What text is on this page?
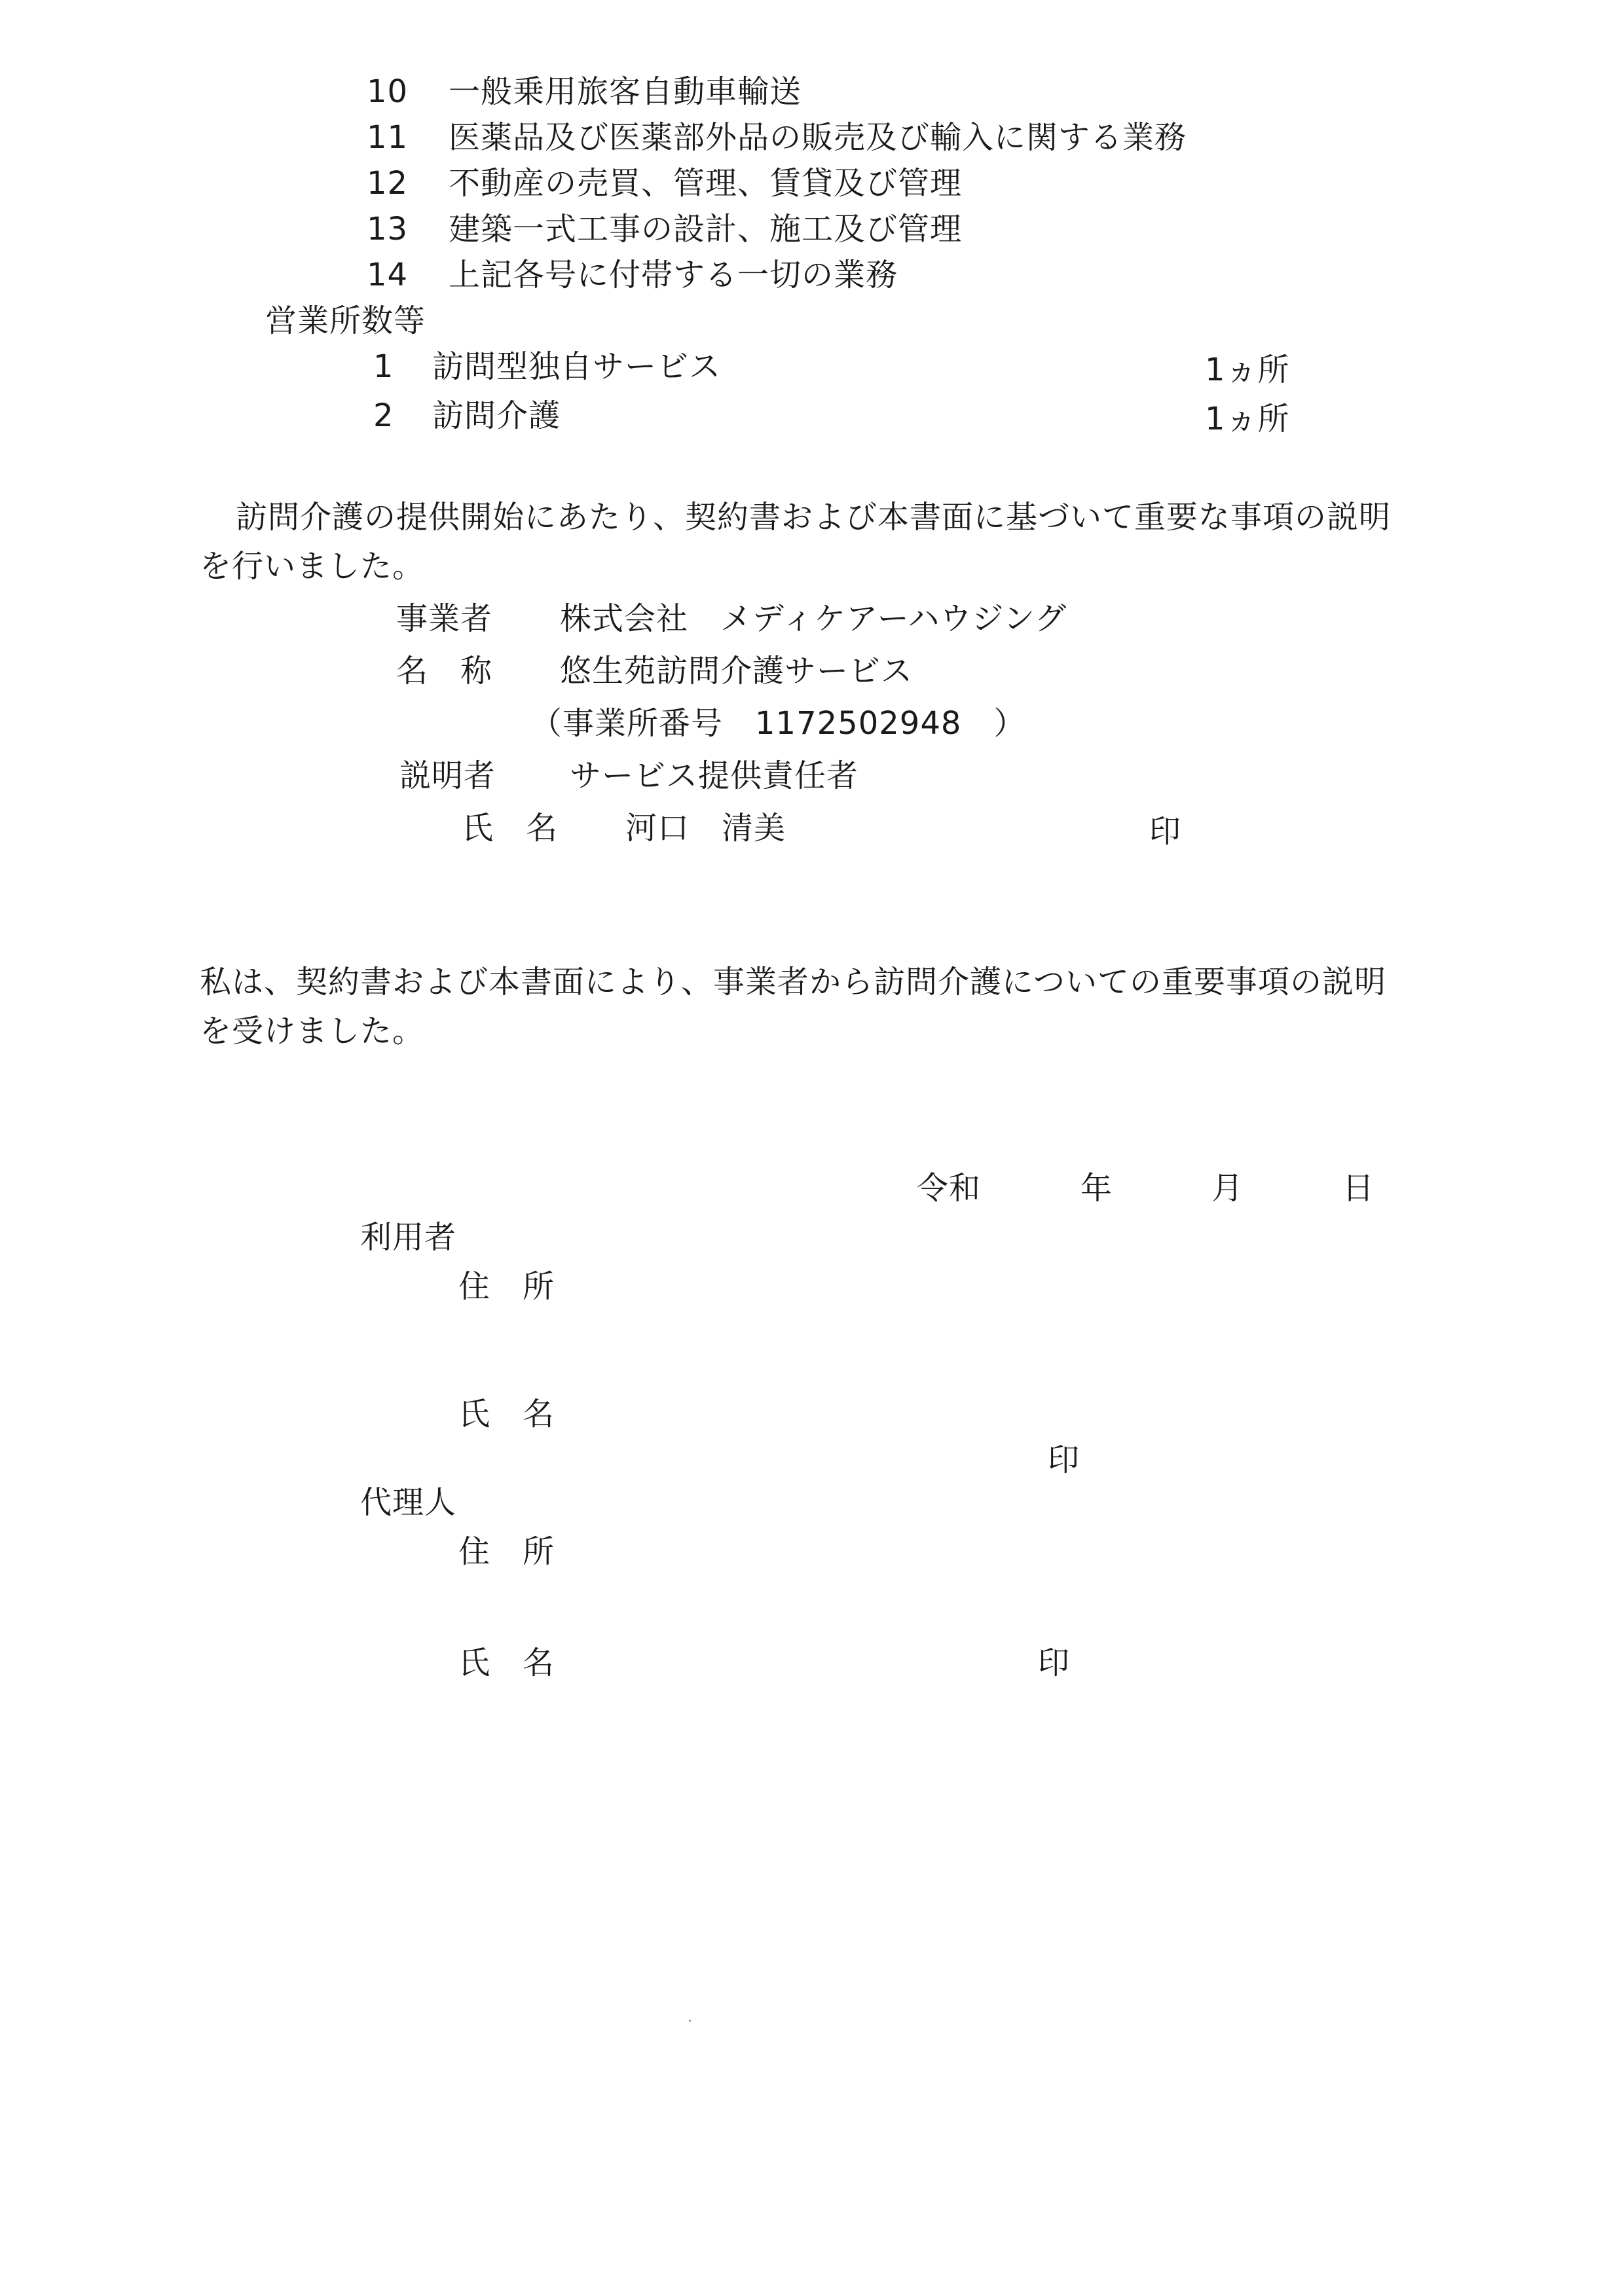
10 一般乗用旅客自動車輸送
11 医薬品及び医薬部外品の販売及び輸入に関する業務
12 不動産の売買、管理、賃貸及び管理
13 建築一式工事の設計、施工及び管理
14 上記各号に付帯する一切の業務
営業所数等
1 訪問型独自サービス	1ヵ所
2 訪問介護	1ヵ所
訪問介護の提供開始にあたり、契約書および本書面に基づいて重要な事項の説明
を行いました。
事業者 株式会社　メディケアーハウジング
名　称 悠生苑訪問介護サービス
（事業所番号　1172502948　）
説明者 サービス提供責任者
氏　名 河口　清美	印
私は、契約書および本書面により、事業者から訪問介護についての重要事項の説明
を受けました。
令和	年	月	日
利用者
住　所
氏　名
印
代理人
住　所
氏　名	印
